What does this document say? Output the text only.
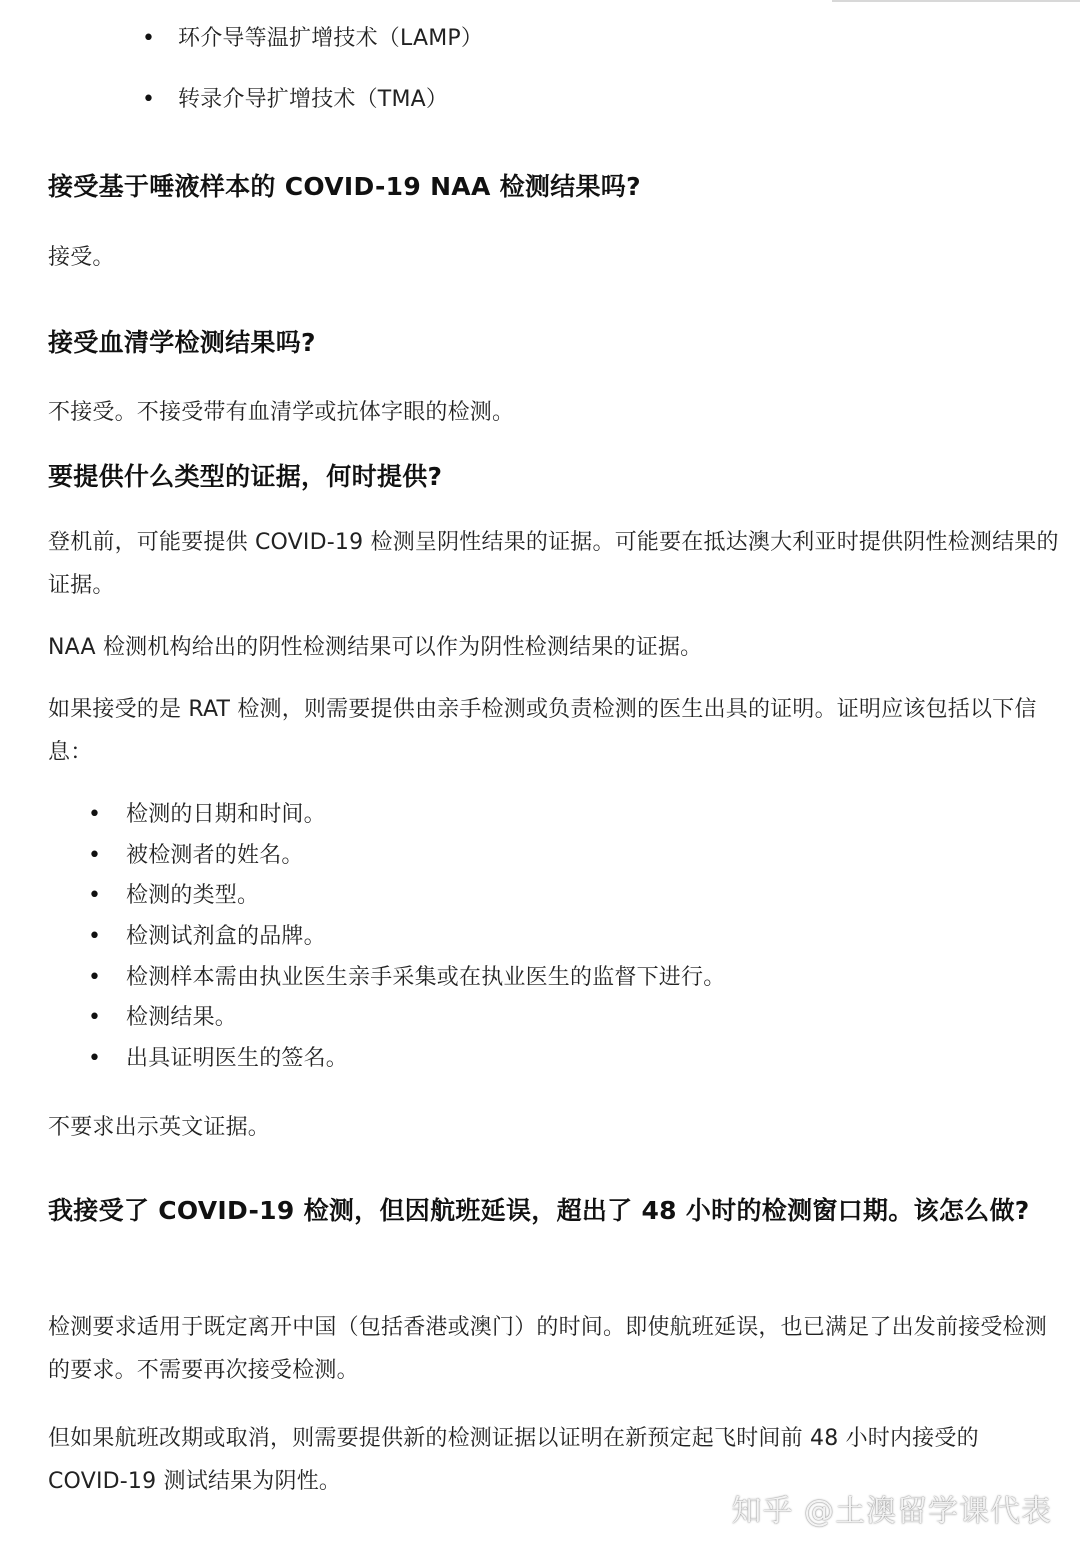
• 环介导等温扩增技术（LAMP）
• 转录介导扩增技术（TMA）
接受基于唾液样本的 COVID-19 NAA 检测结果吗?

接受。

接受血清学检测结果吗?

不接受。不接受带有血清学或抗体字眼的检测。

要提供什么类型的证据，何时提供?

登机前，可能要提供 COVID-19 检测呈阴性结果的证据。可能要在抵达澳大利亚时提供阴性检测结果的证据。

NAA 检测机构给出的阴性检测结果可以作为阴性检测结果的证据。

如果接受的是 RAT 检测，则需要提供由亲手检测或负责检测的医生出具的证明。证明应该包括以下信息：

• 检测的日期和时间。
• 被检测者的姓名。
• 检测的类型。
• 检测试剂盒的品牌。
• 检测样本需由执业医生亲手采集或在执业医生的监督下进行。
• 检测结果。
• 出具证明医生的签名。

不要求出示英文证据。

我接受了 COVID-19 检测，但因航班延误，超出了 48 小时的检测窗口期。该怎么做?

检测要求适用于既定离开中国（包括香港或澳门）的时间。即使航班延误，也已满足了出发前接受检测的要求。不需要再次接受检测。

但如果航班改期或取消，则需要提供新的检测证据以证明在新预定起飞时间前 48 小时内接受的 COVID-19 测试结果为阴性。

知乎 @土澳留学课代表
